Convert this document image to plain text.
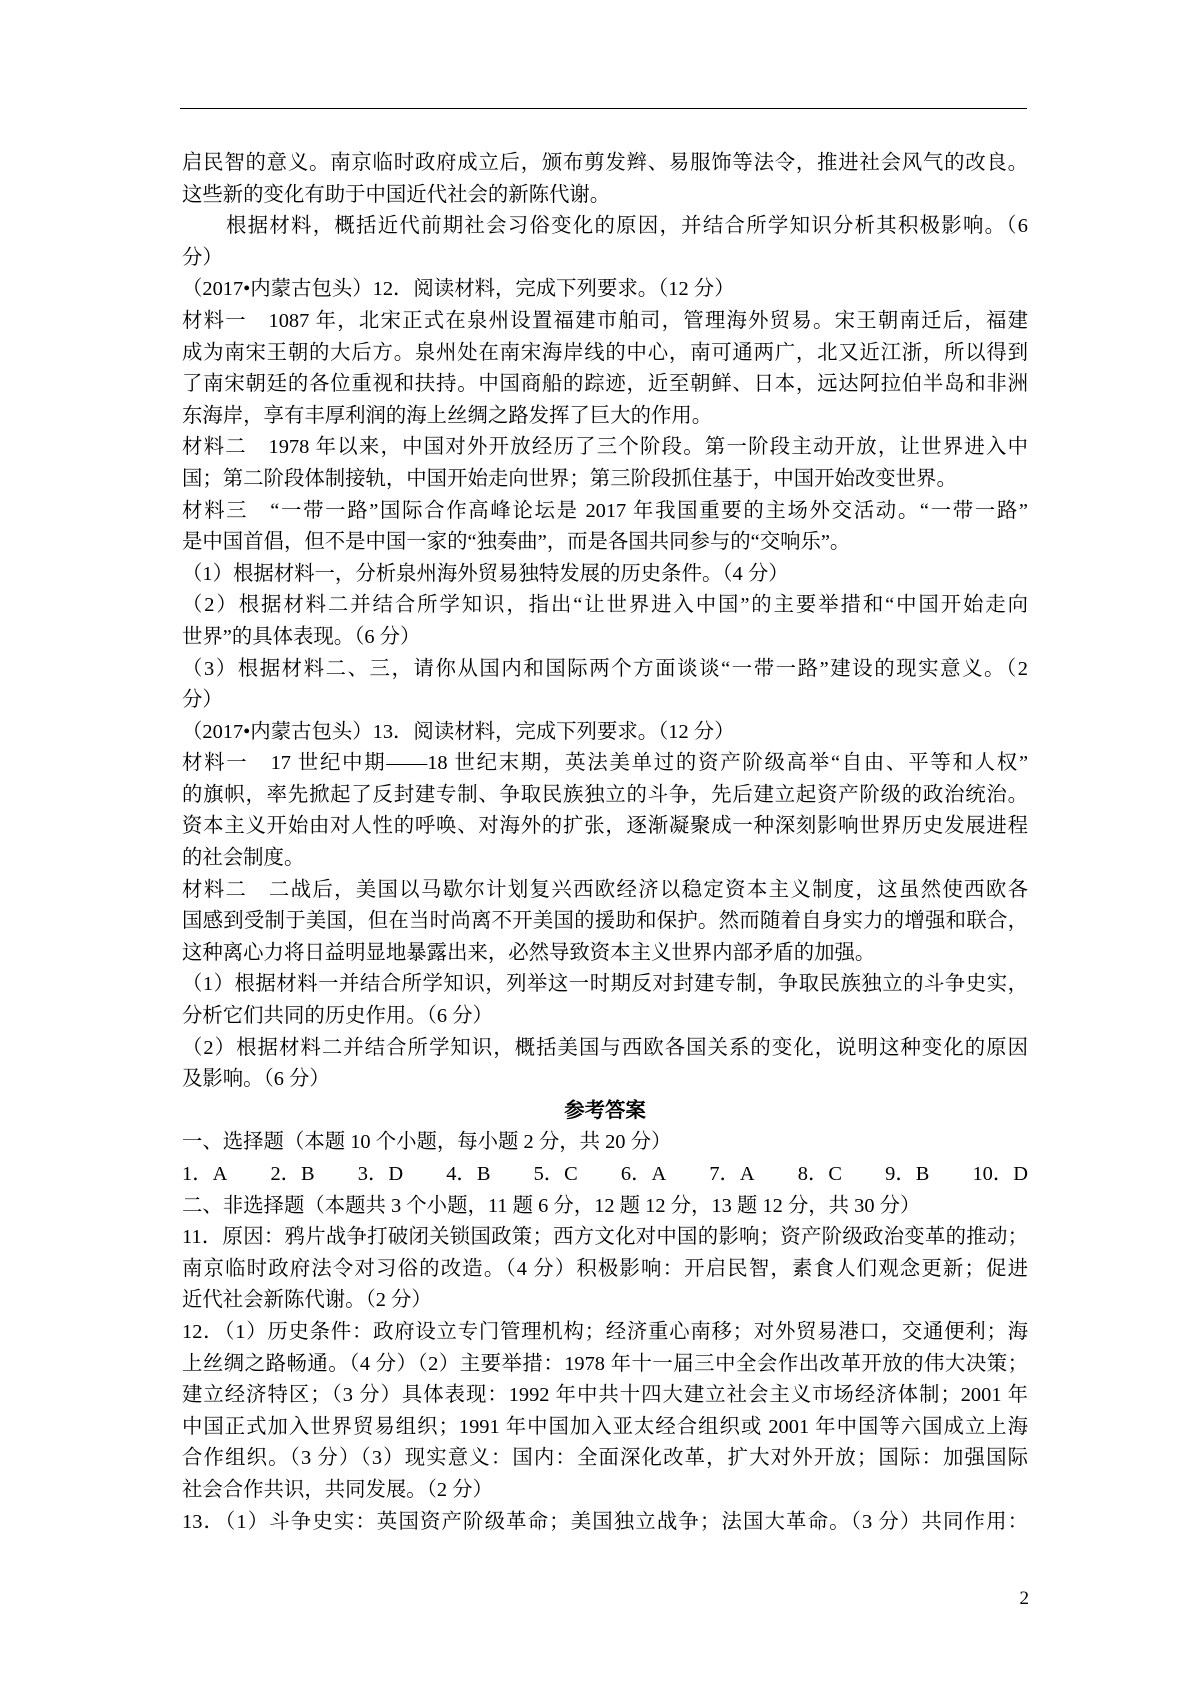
启民智的意义。南京临时政府成立后，颁布剪发辫、易服饰等法令，推进社会风气的改良。
这些新的变化有助于中国近代社会的新陈代谢。
根据材料，概括近代前期社会习俗变化的原因，并结合所学知识分析其积极影响。（6
分）
（2017•内蒙古包头）12．阅读材料，完成下列要求。（12 分）
材料一　1087 年，北宋正式在泉州设置福建市舶司，管理海外贸易。宋王朝南迁后，福建
成为南宋王朝的大后方。泉州处在南宋海岸线的中心，南可通两广，北又近江浙，所以得到
了南宋朝廷的各位重视和扶持。中国商船的踪迹，近至朝鲜、日本，远达阿拉伯半岛和非洲
东海岸，享有丰厚利润的海上丝绸之路发挥了巨大的作用。
材料二　1978 年以来，中国对外开放经历了三个阶段。第一阶段主动开放，让世界进入中
国；第二阶段体制接轨，中国开始走向世界；第三阶段抓住基于，中国开始改变世界。
材料三　“一带一路”国际合作高峰论坛是 2017 年我国重要的主场外交活动。“一带一路”
是中国首倡，但不是中国一家的“独奏曲”，而是各国共同参与的“交响乐”。
（1）根据材料一，分析泉州海外贸易独特发展的历史条件。（4 分）
（2）根据材料二并结合所学知识，指出“让世界进入中国”的主要举措和“中国开始走向
世界”的具体表现。（6 分）
（3）根据材料二、三，请你从国内和国际两个方面谈谈“一带一路”建设的现实意义。（2
分）
（2017•内蒙古包头）13．阅读材料，完成下列要求。（12 分）
材料一　17 世纪中期——18 世纪末期，英法美单过的资产阶级高举“自由、平等和人权”
的旗帜，率先掀起了反封建专制、争取民族独立的斗争，先后建立起资产阶级的政治统治。
资本主义开始由对人性的呼唤、对海外的扩张，逐渐凝聚成一种深刻影响世界历史发展进程
的社会制度。
材料二　二战后，美国以马歇尔计划复兴西欧经济以稳定资本主义制度，这虽然使西欧各
国感到受制于美国，但在当时尚离不开美国的援助和保护。然而随着自身实力的增强和联合，
这种离心力将日益明显地暴露出来，必然导致资本主义世界内部矛盾的加强。
（1）根据材料一并结合所学知识，列举这一时期反对封建专制，争取民族独立的斗争史实，
分析它们共同的历史作用。（6 分）
（2）根据材料二并结合所学知识，概括美国与西欧各国关系的变化，说明这种变化的原因
及影响。（6 分）
参考答案
一、选择题（本题 10 个小题，每小题 2 分，共 20 分）
1．A 2．B 3．D 4．B 5．C 6．A 7．A 8．C 9．B 10．D
二、非选择题（本题共 3 个小题，11 题 6 分，12 题 12 分，13 题 12 分，共 30 分）
11．原因：鸦片战争打破闭关锁国政策；西方文化对中国的影响；资产阶级政治变革的推动；
南京临时政府法令对习俗的改造。（4 分）积极影响：开启民智，素食人们观念更新；促进
近代社会新陈代谢。（2 分）
12．（1）历史条件：政府设立专门管理机构；经济重心南移；对外贸易港口，交通便利；海
上丝绸之路畅通。（4 分）（2）主要举措：1978 年十一届三中全会作出改革开放的伟大决策；
建立经济特区；（3 分）具体表现：1992 年中共十四大建立社会主义市场经济体制；2001 年
中国正式加入世界贸易组织；1991 年中国加入亚太经合组织或 2001 年中国等六国成立上海
合作组织。（3 分）（3）现实意义：国内：全面深化改革，扩大对外开放；国际：加强国际
社会合作共识，共同发展。（2 分）
13．（1）斗争史实：英国资产阶级革命；美国独立战争；法国大革命。（3 分）共同作用：
2
